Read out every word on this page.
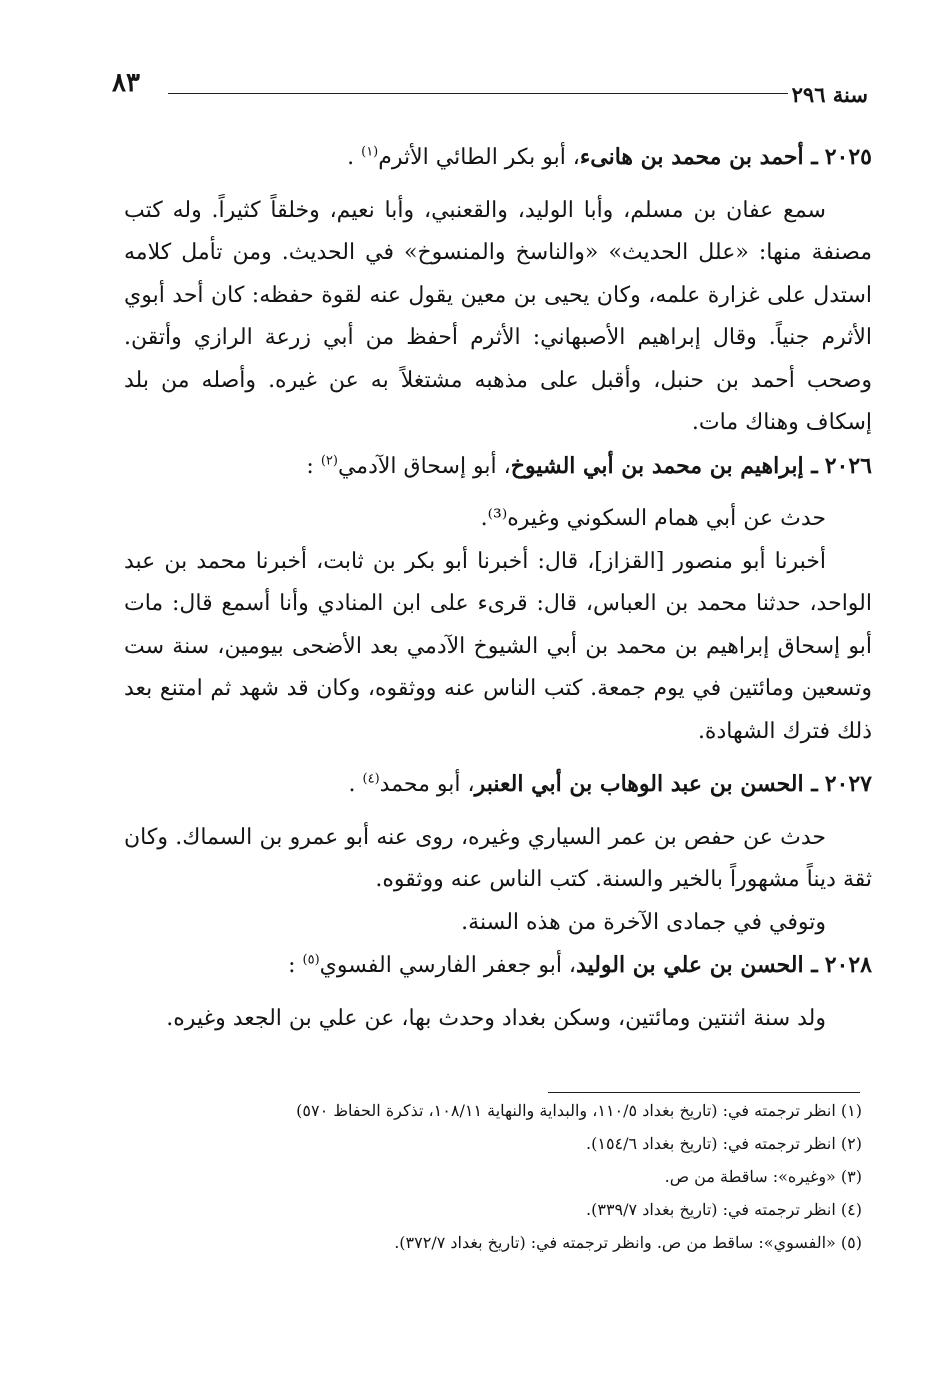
سنة ٢٩٦
٨٣

٢٠٢٥ ـ أحمد بن محمد بن هانىء، أبو بكر الطائي الأثرم$^{(١)}$ .

سمع عفان بن مسلم، وأبا الوليد، والقعنبي، وأبا نعيم، وخلقاً كثيراً. وله كتب مصنفة منها: «علل الحديث» «والناسخ والمنسوخ» في الحديث. ومن تأمل كلامه استدل على غزارة علمه، وكان يحيى بن معين يقول عنه لقوة حفظه: كان أحد أبوي الأثرم جنياً. وقال إبراهيم الأصبهاني: الأثرم أحفظ من أبي زرعة الرازي وأتقن. وصحب أحمد بن حنبل، وأقبل على مذهبه مشتغلاً به عن غيره. وأصله من بلد إسكاف وهناك مات.

٢٠٢٦ ـ إبراهيم بن محمد بن أبي الشيوخ، أبو إسحاق الآدمي$^{(٢)}$ :

حدث عن أبي همام السكوني وغيره⁽³⁾.

أخبرنا أبو منصور [القزاز]، قال: أخبرنا أبو بكر بن ثابت، أخبرنا محمد بن عبد الواحد، حدثنا محمد بن العباس، قال: قرىء على ابن المنادي وأنا أسمع قال: مات أبو إسحاق إبراهيم بن محمد بن أبي الشيوخ الآدمي بعد الأضحى بيومين، سنة ست وتسعين ومائتين في يوم جمعة. كتب الناس عنه ووثقوه، وكان قد شهد ثم امتنع بعد ذلك فترك الشهادة.

٢٠٢٧ ـ الحسن بن عبد الوهاب بن أبي العنبر، أبو محمد$^{(٤)}$ .

حدث عن حفص بن عمر السياري وغيره، روى عنه أبو عمرو بن السماك. وكان ثقة ديناً مشهوراً بالخير والسنة. كتب الناس عنه ووثقوه.

وتوفي في جمادى الآخرة من هذه السنة.

٢٠٢٨ ـ الحسن بن علي بن الوليد، أبو جعفر الفارسي الفسوي$^{(٥)}$ :

ولد سنة اثنتين ومائتين، وسكن بغداد وحدث بها، عن علي بن الجعد وغيره.

(١) انظر ترجمته في: (تاريخ بغداد ١١٠/٥، والبداية والنهاية ١٠٨/١١، تذكرة الحفاظ ٥٧٠)

(٢) انظر ترجمته في: (تاريخ بغداد ١٥٤/٦).

(٣) «وغيره»: ساقطة من ص.

(٤) انظر ترجمته في: (تاريخ بغداد ٣٣٩/٧).

(٥) «الفسوي»: ساقط من ص. وانظر ترجمته في: (تاريخ بغداد ٣٧٢/٧).
